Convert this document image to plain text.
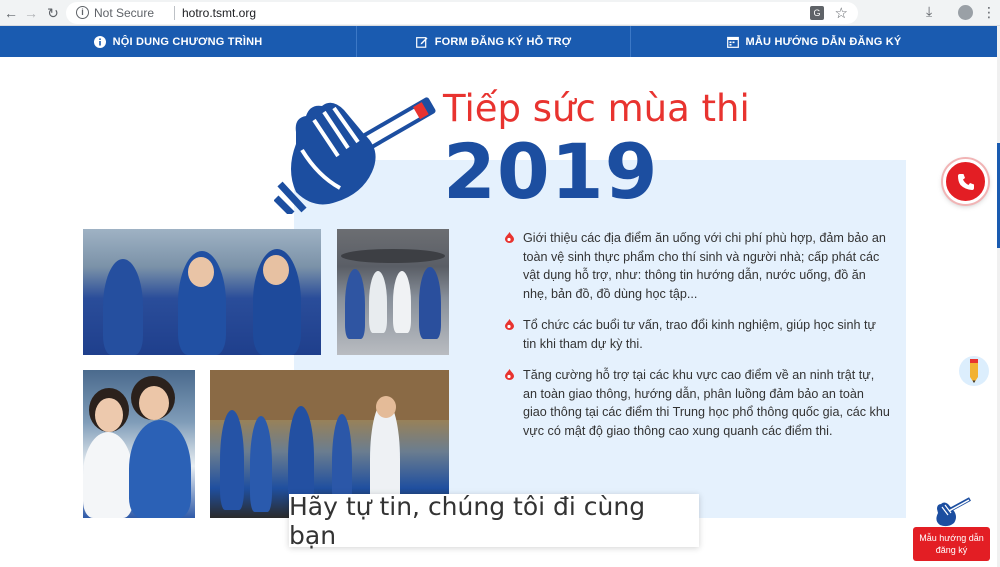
← → ↻	i Not Secure hotro.tsmt.org	G ☆	⤓	⋮
NỘI DUNG CHƯƠNG TRÌNH	FORM ĐĂNG KÝ HỖ TRỢ	MẪU HƯỚNG DẪN ĐĂNG KÝ
Tiếp sức mùa thi
2019
Giới thiệu các địa điểm ăn uống với chi phí phù hợp, đảm bảo an toàn vệ sinh thực phẩm cho thí sinh và người nhà; cấp phát các vật dụng hỗ trợ, như: thông tin hướng dẫn, nước uống, đồ ăn nhẹ, bản đồ, đồ dùng học tập...
Tổ chức các buổi tư vấn, trao đổi kinh nghiệm, giúp học sinh tự tin khi tham dự kỳ thi.
Tăng cường hỗ trợ tại các khu vực cao điểm về an ninh trật tự, an toàn giao thông, hướng dẫn, phân luồng đảm bảo an toàn giao thông tại các điểm thi Trung học phổ thông quốc gia, các khu vực có mật độ giao thông cao xung quanh các điểm thi.
Hãy tự tin, chúng tôi đi cùng bạn	Mẫu hướng dẫn đăng ký
